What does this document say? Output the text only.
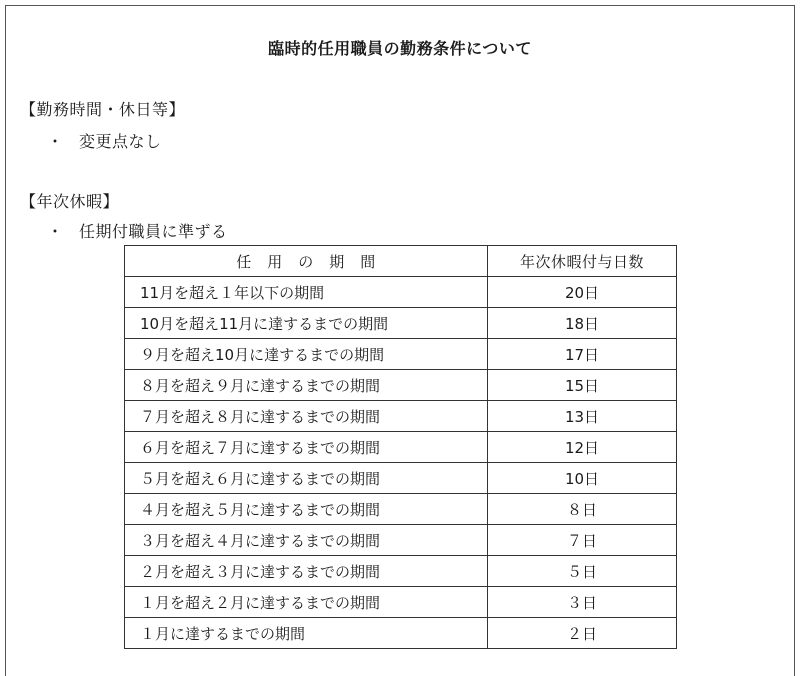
臨時的任用職員の勤務条件について
【勤務時間・休日等】
・ 変更点なし
【年次休暇】
・ 任期付職員に準ずる
任　用　の　期　間	年次休暇付与日数
11月を超え１年以下の期間	20日
10月を超え11月に達するまでの期間	18日
９月を超え10月に達するまでの期間	17日
８月を超え９月に達するまでの期間	15日
７月を超え８月に達するまでの期間	13日
６月を超え７月に達するまでの期間	12日
５月を超え６月に達するまでの期間	10日
４月を超え５月に達するまでの期間	８日
３月を超え４月に達するまでの期間	７日
２月を超え３月に達するまでの期間	５日
１月を超え２月に達するまでの期間	３日
１月に達するまでの期間	２日
